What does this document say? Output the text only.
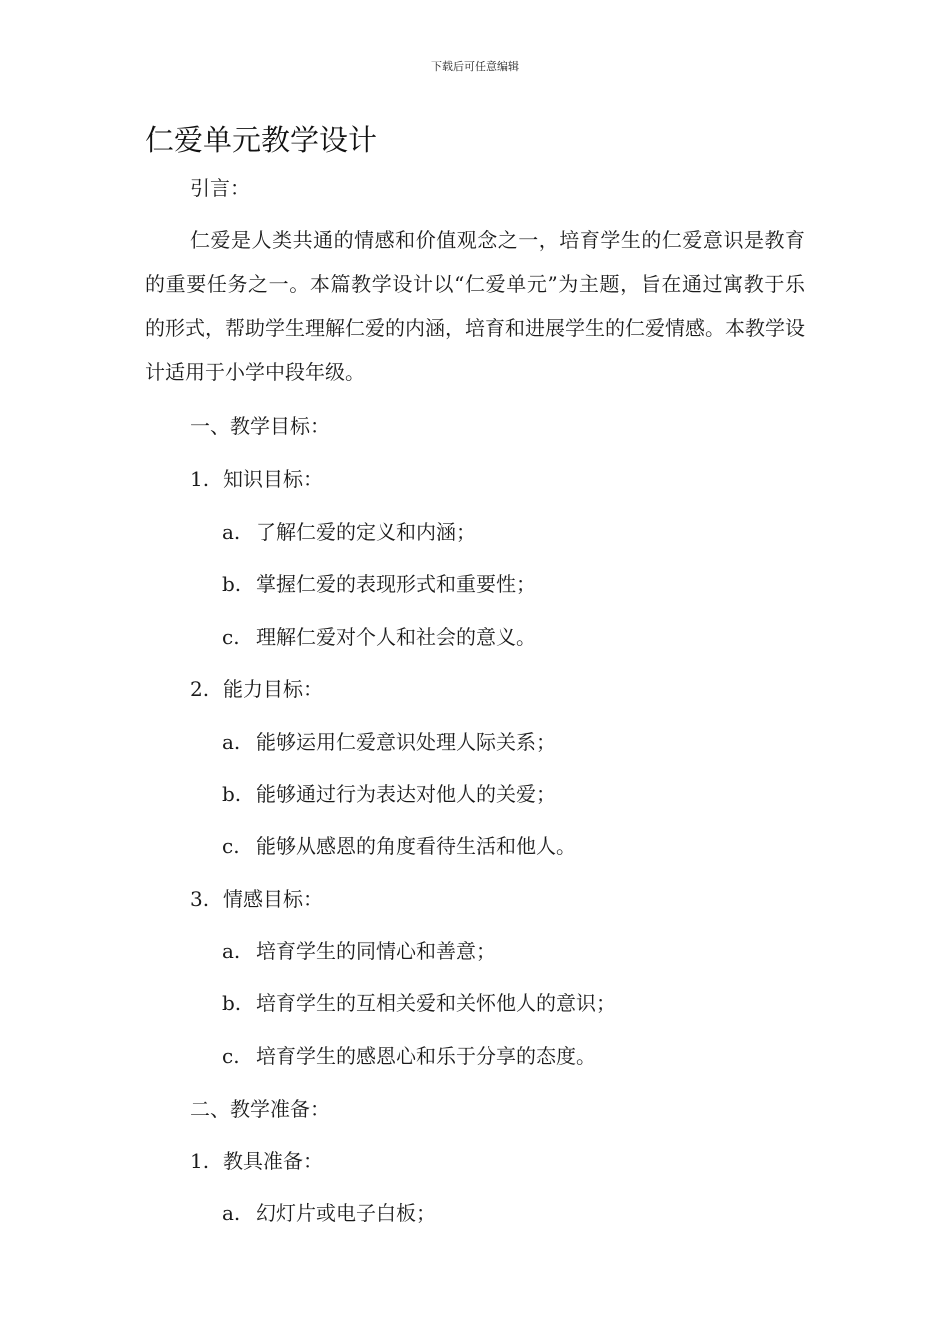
下载后可任意编辑
仁爱单元教学设计

引言：

仁爱是人类共通的情感和价值观念之一，培育学生的仁爱意识是教育的重要任务之一。本篇教学设计以“仁爱单元”为主题，旨在通过寓教于乐的形式，帮助学生理解仁爱的内涵，培育和进展学生的仁爱情感。本教学设计适用于小学中段年级。

一、教学目标：

1. 知识目标：

a. 了解仁爱的定义和内涵；

b. 掌握仁爱的表现形式和重要性；

c. 理解仁爱对个人和社会的意义。

2. 能力目标：

a. 能够运用仁爱意识处理人际关系；

b. 能够通过行为表达对他人的关爱；

c. 能够从感恩的角度看待生活和他人。

3. 情感目标：

a. 培育学生的同情心和善意；

b. 培育学生的互相关爱和关怀他人的意识；

c. 培育学生的感恩心和乐于分享的态度。

二、教学准备：

1. 教具准备：

a. 幻灯片或电子白板；
